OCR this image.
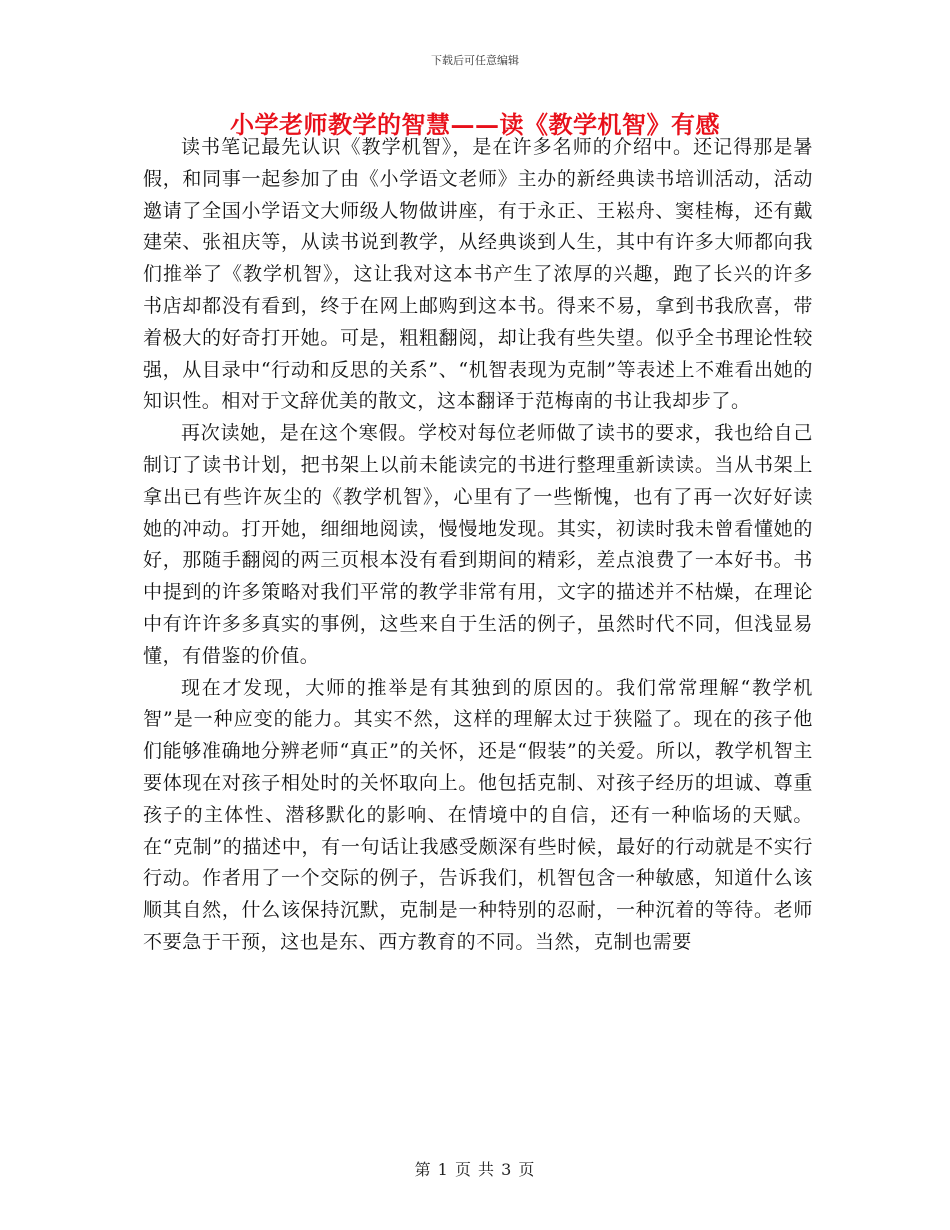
下载后可任意编辑
小学老师教学的智慧——读《教学机智》有感

读书笔记最先认识《教学机智》，是在许多名师的介绍中。还记得那是暑假，和同事一起参加了由《小学语文老师》主办的新经典读书培训活动，活动邀请了全国小学语文大师级人物做讲座，有于永正、王崧舟、窦桂梅，还有戴建荣、张祖庆等，从读书说到教学，从经典谈到人生，其中有许多大师都向我们推举了《教学机智》，这让我对这本书产生了浓厚的兴趣，跑了长兴的许多书店却都没有看到，终于在网上邮购到这本书。得来不易，拿到书我欣喜，带着极大的好奇打开她。可是，粗粗翻阅，却让我有些失望。似乎全书理论性较强，从目录中“行动和反思的关系”、“机智表现为克制”等表述上不难看出她的知识性。相对于文辞优美的散文，这本翻译于范梅南的书让我却步了。

再次读她，是在这个寒假。学校对每位老师做了读书的要求，我也给自己制订了读书计划，把书架上以前未能读完的书进行整理重新读读。当从书架上拿出已有些许灰尘的《教学机智》，心里有了一些惭愧，也有了再一次好好读她的冲动。打开她，细细地阅读，慢慢地发现。其实，初读时我未曾看懂她的好，那随手翻阅的两三页根本没有看到期间的精彩，差点浪费了一本好书。书中提到的许多策略对我们平常的教学非常有用，文字的描述并不枯燥，在理论中有许许多多真实的事例，这些来自于生活的例子，虽然时代不同，但浅显易懂，有借鉴的价值。

现在才发现，大师的推举是有其独到的原因的。我们常常理解“教学机智”是一种应变的能力。其实不然，这样的理解太过于狭隘了。现在的孩子他们能够准确地分辨老师“真正”的关怀，还是“假装”的关爱。所以，教学机智主要体现在对孩子相处时的关怀取向上。他包括克制、对孩子经历的坦诚、尊重孩子的主体性、潜移默化的影响、在情境中的自信，还有一种临场的天赋。在“克制”的描述中，有一句话让我感受颇深有些时候，最好的行动就是不实行行动。作者用了一个交际的例子，告诉我们，机智包含一种敏感，知道什么该顺其自然，什么该保持沉默，克制是一种特别的忍耐，一种沉着的等待。老师不要急于干预，这也是东、西方教育的不同。当然，克制也需要

第 1 页 共 3 页
